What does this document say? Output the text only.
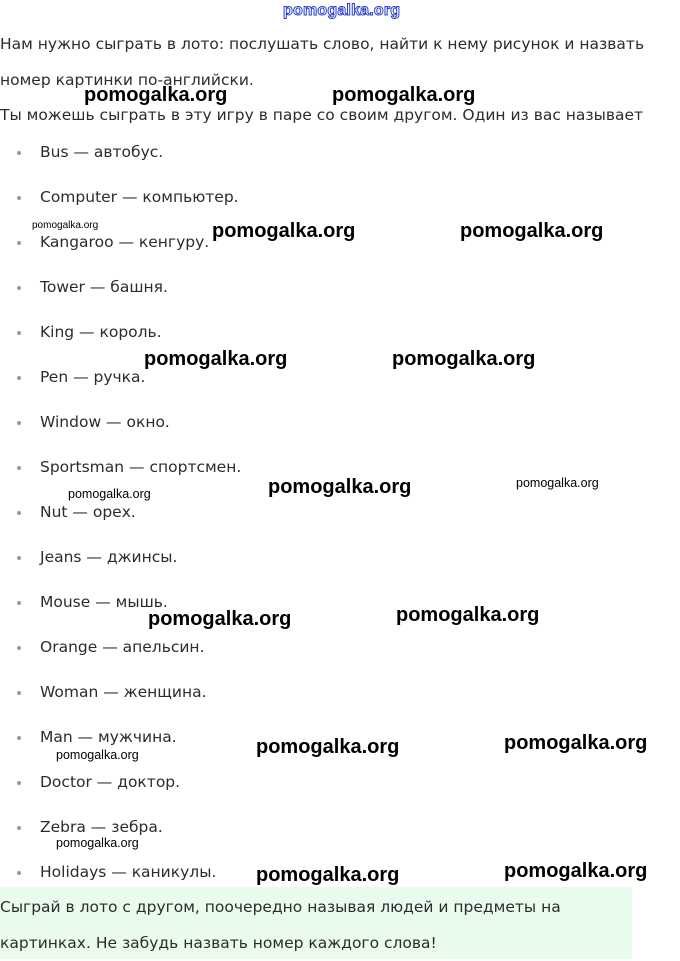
pomogalka.org

Нам нужно сыграть в лото: послушать слово, найти к нему рисунок и назвать номер картинки по-английски.

Ты можешь сыграть в эту игру в паре со своим другом. Один из вас называет

Bus — автобус.
Computer — компьютер.
Kangaroo — кенгуру.
Tower — башня.
King — король.
Pen — ручка.
Window — окно.
Sportsman — спортсмен.
Nut — орех.
Jeans — джинсы.
Mouse — мышь.
Orange — апельсин.
Woman — женщина.
Man — мужчина.
Doctor — доктор.
Zebra — зебра.
Holidays — каникулы.

Сыграй в лото с другом, поочередно называя людей и предметы на картинках. Не забудь назвать номер каждого слова!

pomogalka.org	pomogalka.org
pomogalka.org	pomogalka.org	pomogalka.org
pomogalka.org	pomogalka.org
pomogalka.org	pomogalka.org	pomogalka.org
pomogalka.org	pomogalka.org
pomogalka.org	pomogalka.org	pomogalka.org
pomogalka.org
pomogalka.org	pomogalka.org
